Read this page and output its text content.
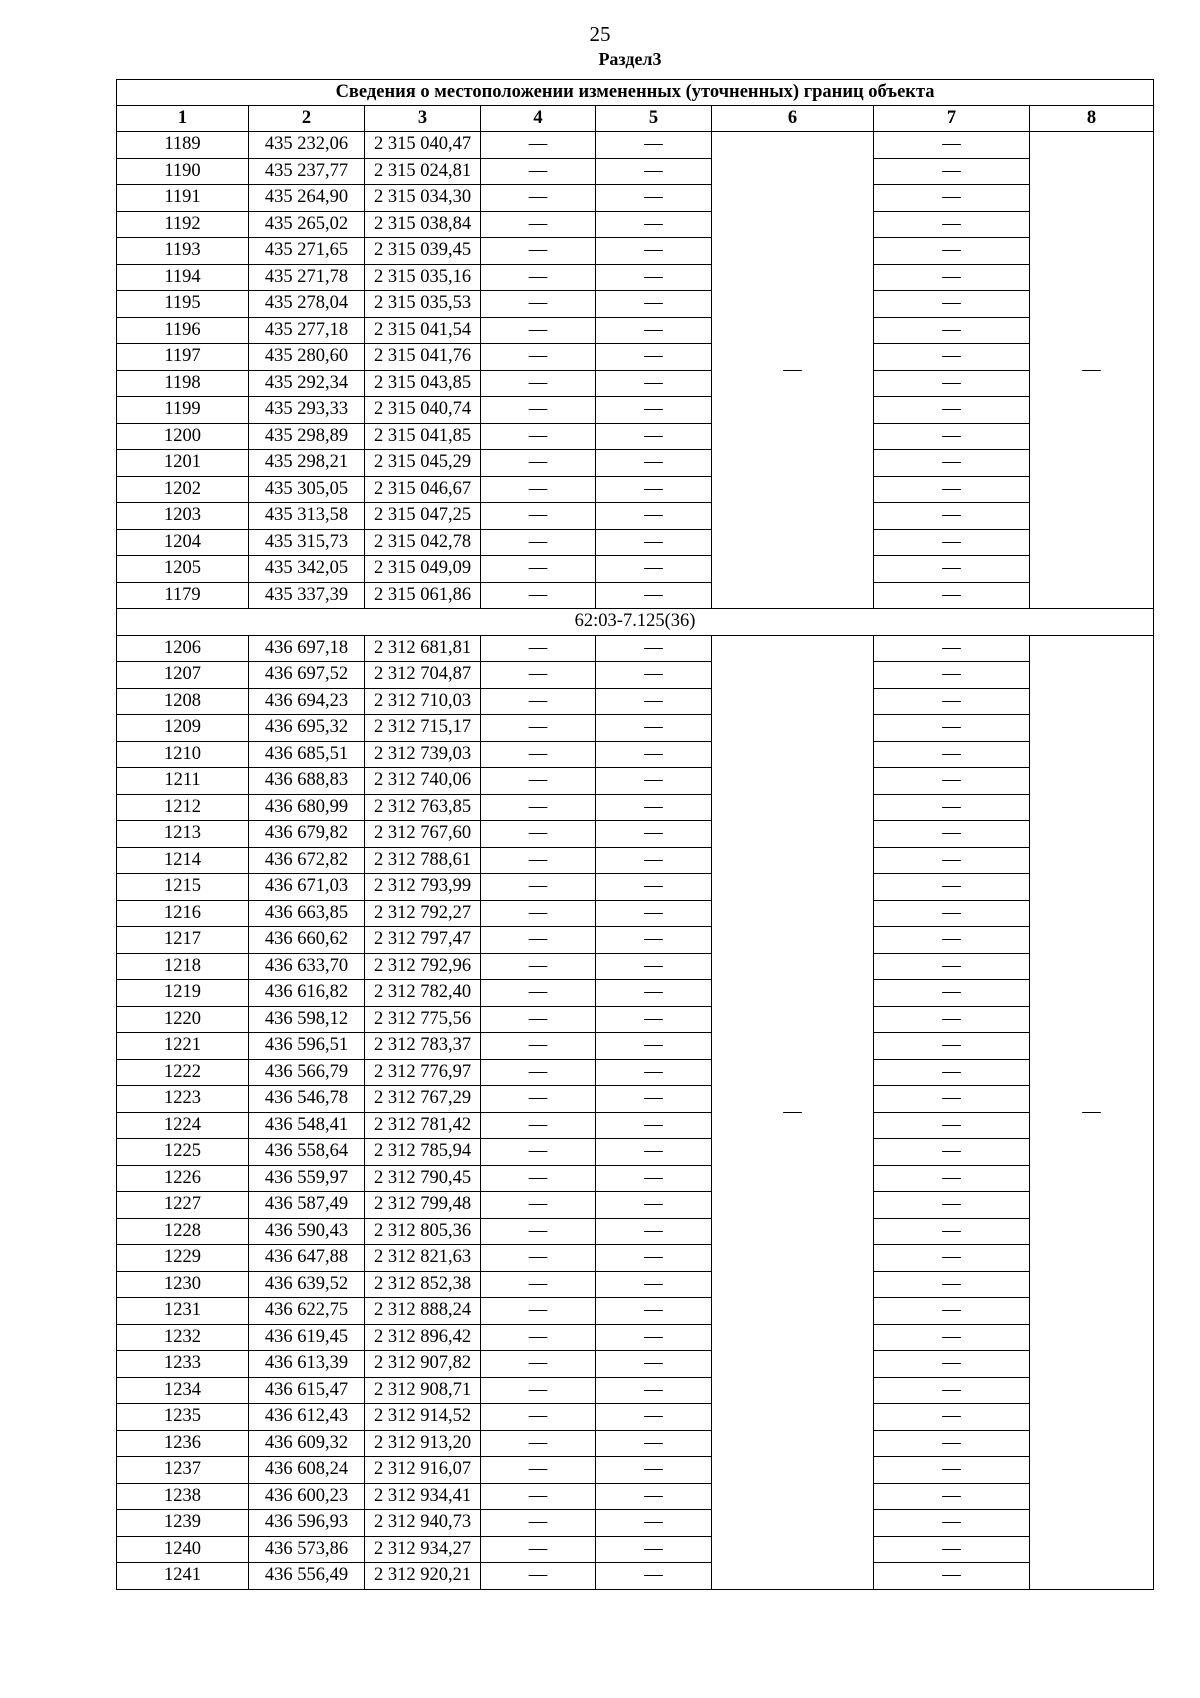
25
Раздел3
Сведения о местоположении измененных (уточненных) границ объекта							
1	2	3	4	5	6	7	8
1189	435 232,06	2 315 040,47	—	—	—	—	—
1190	435 237,77	2 315 024,81	—	—		—	
1191	435 264,90	2 315 034,30	—	—		—	
1192	435 265,02	2 315 038,84	—	—		—	
1193	435 271,65	2 315 039,45	—	—		—	
1194	435 271,78	2 315 035,16	—	—		—	
1195	435 278,04	2 315 035,53	—	—		—	
1196	435 277,18	2 315 041,54	—	—		—	
1197	435 280,60	2 315 041,76	—	—		—	
1198	435 292,34	2 315 043,85	—	—		—	
1199	435 293,33	2 315 040,74	—	—		—	
1200	435 298,89	2 315 041,85	—	—		—	
1201	435 298,21	2 315 045,29	—	—		—	
1202	435 305,05	2 315 046,67	—	—		—	
1203	435 313,58	2 315 047,25	—	—		—	
1204	435 315,73	2 315 042,78	—	—		—	
1205	435 342,05	2 315 049,09	—	—		—	
1179	435 337,39	2 315 061,86	—	—		—	
62:03-7.125(36)							
1206	436 697,18	2 312 681,81	—	—	—	—	—
1207	436 697,52	2 312 704,87	—	—		—	
1208	436 694,23	2 312 710,03	—	—		—	
1209	436 695,32	2 312 715,17	—	—		—	
1210	436 685,51	2 312 739,03	—	—		—	
1211	436 688,83	2 312 740,06	—	—		—	
1212	436 680,99	2 312 763,85	—	—		—	
1213	436 679,82	2 312 767,60	—	—		—	
1214	436 672,82	2 312 788,61	—	—		—	
1215	436 671,03	2 312 793,99	—	—		—	
1216	436 663,85	2 312 792,27	—	—		—	
1217	436 660,62	2 312 797,47	—	—		—	
1218	436 633,70	2 312 792,96	—	—		—	
1219	436 616,82	2 312 782,40	—	—		—	
1220	436 598,12	2 312 775,56	—	—		—	
1221	436 596,51	2 312 783,37	—	—		—	
1222	436 566,79	2 312 776,97	—	—		—	
1223	436 546,78	2 312 767,29	—	—		—	
1224	436 548,41	2 312 781,42	—	—		—	
1225	436 558,64	2 312 785,94	—	—		—	
1226	436 559,97	2 312 790,45	—	—		—	
1227	436 587,49	2 312 799,48	—	—		—	
1228	436 590,43	2 312 805,36	—	—		—	
1229	436 647,88	2 312 821,63	—	—		—	
1230	436 639,52	2 312 852,38	—	—		—	
1231	436 622,75	2 312 888,24	—	—		—	
1232	436 619,45	2 312 896,42	—	—		—	
1233	436 613,39	2 312 907,82	—	—		—	
1234	436 615,47	2 312 908,71	—	—		—	
1235	436 612,43	2 312 914,52	—	—		—	
1236	436 609,32	2 312 913,20	—	—		—	
1237	436 608,24	2 312 916,07	—	—		—	
1238	436 600,23	2 312 934,41	—	—		—	
1239	436 596,93	2 312 940,73	—	—		—	
1240	436 573,86	2 312 934,27	—	—		—	
1241	436 556,49	2 312 920,21	—	—		—	
